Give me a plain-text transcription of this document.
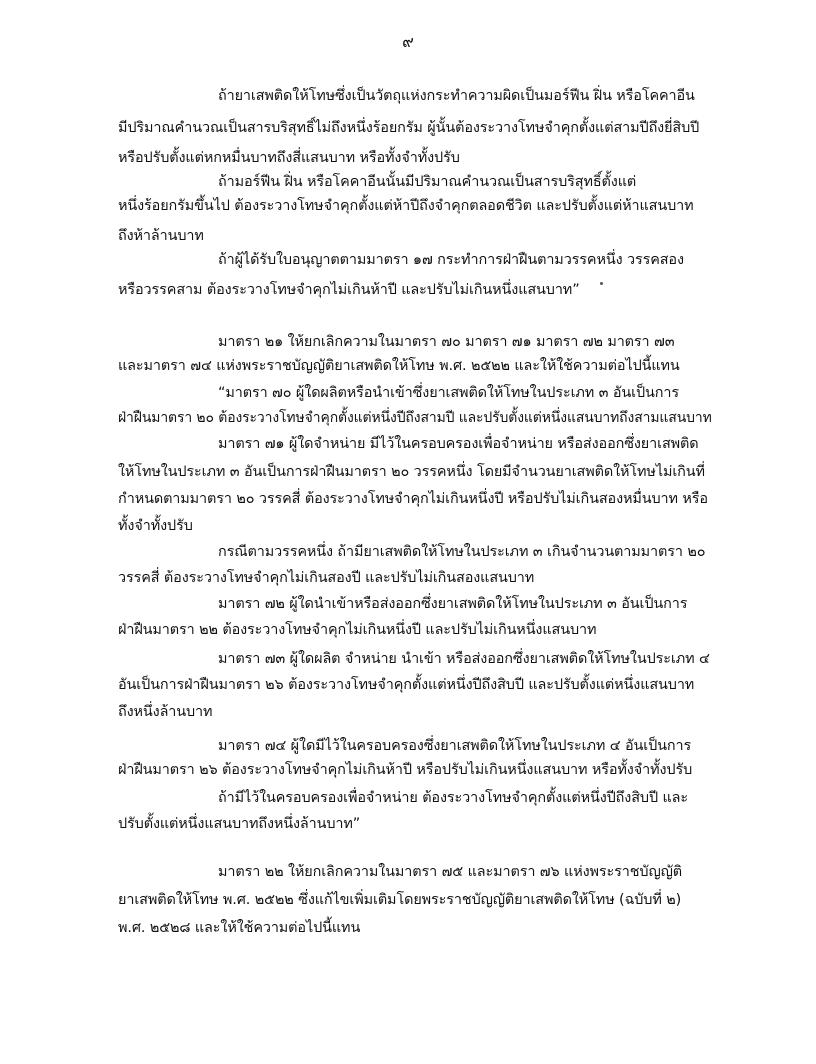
๙
ถ้ายาเสพติดให้โทษซึ่งเป็นวัตถุแห่งกระทำความผิดเป็นมอร์ฟีน ฝิ่น หรือโคคาอีน
มีปริมาณคำนวณเป็นสารบริสุทธิ์ไม่ถึงหนึ่งร้อยกรัม ผู้นั้นต้องระวางโทษจำคุกตั้งแต่สามปีถึงยี่สิบปี
หรือปรับตั้งแต่หกหมื่นบาทถึงสี่แสนบาท หรือทั้งจำทั้งปรับ
ถ้ามอร์ฟีน ฝิ่น หรือโคคาอีนนั้นมีปริมาณคำนวณเป็นสารบริสุทธิ์ตั้งแต่
หนึ่งร้อยกรัมขึ้นไป ต้องระวางโทษจำคุกตั้งแต่ห้าปีถึงจำคุกตลอดชีวิต และปรับตั้งแต่ห้าแสนบาท
ถึงห้าล้านบาท
ถ้าผู้ได้รับใบอนุญาตตามมาตรา ๑๗ กระทำการฝ่าฝืนตามวรรคหนึ่ง วรรคสอง
หรือวรรคสาม ต้องระวางโทษจำคุกไม่เกินห้าปี และปรับไม่เกินหนึ่งแสนบาท”
มาตรา ๒๑ ให้ยกเลิกความในมาตรา ๗๐ มาตรา ๗๑ มาตรา ๗๒ มาตรา ๗๓
และมาตรา ๗๔ แห่งพระราชบัญญัติยาเสพติดให้โทษ พ.ศ. ๒๕๒๒ และให้ใช้ความต่อไปนี้แทน
“มาตรา ๗๐ ผู้ใดผลิตหรือนำเข้าซึ่งยาเสพติดให้โทษในประเภท ๓ อันเป็นการ
ฝ่าฝืนมาตรา ๒๐ ต้องระวางโทษจำคุกตั้งแต่หนึ่งปีถึงสามปี และปรับตั้งแต่หนึ่งแสนบาทถึงสามแสนบาท
มาตรา ๗๑ ผู้ใดจำหน่าย มีไว้ในครอบครองเพื่อจำหน่าย หรือส่งออกซึ่งยาเสพติด
ให้โทษในประเภท ๓ อันเป็นการฝ่าฝืนมาตรา ๒๐ วรรคหนึ่ง โดยมีจำนวนยาเสพติดให้โทษไม่เกินที่
กำหนดตามมาตรา ๒๐ วรรคสี่ ต้องระวางโทษจำคุกไม่เกินหนึ่งปี หรือปรับไม่เกินสองหมื่นบาท หรือ
ทั้งจำทั้งปรับ
กรณีตามวรรคหนึ่ง ถ้ามียาเสพติดให้โทษในประเภท ๓ เกินจำนวนตามมาตรา ๒๐
วรรคสี่ ต้องระวางโทษจำคุกไม่เกินสองปี และปรับไม่เกินสองแสนบาท
มาตรา ๗๒ ผู้ใดนำเข้าหรือส่งออกซึ่งยาเสพติดให้โทษในประเภท ๓ อันเป็นการ
ฝ่าฝืนมาตรา ๒๒ ต้องระวางโทษจำคุกไม่เกินหนึ่งปี และปรับไม่เกินหนึ่งแสนบาท
มาตรา ๗๓ ผู้ใดผลิต จำหน่าย นำเข้า หรือส่งออกซึ่งยาเสพติดให้โทษในประเภท ๔
อันเป็นการฝ่าฝืนมาตรา ๒๖ ต้องระวางโทษจำคุกตั้งแต่หนึ่งปีถึงสิบปี และปรับตั้งแต่หนึ่งแสนบาท
ถึงหนึ่งล้านบาท
มาตรา ๗๔ ผู้ใดมีไว้ในครอบครองซึ่งยาเสพติดให้โทษในประเภท ๔ อันเป็นการ
ฝ่าฝืนมาตรา ๒๖ ต้องระวางโทษจำคุกไม่เกินห้าปี หรือปรับไม่เกินหนึ่งแสนบาท หรือทั้งจำทั้งปรับ
ถ้ามีไว้ในครอบครองเพื่อจำหน่าย ต้องระวางโทษจำคุกตั้งแต่หนึ่งปีถึงสิบปี และ
ปรับตั้งแต่หนึ่งแสนบาทถึงหนึ่งล้านบาท”
มาตรา ๒๒ ให้ยกเลิกความในมาตรา ๗๕ และมาตรา ๗๖ แห่งพระราชบัญญัติ
ยาเสพติดให้โทษ พ.ศ. ๒๕๒๒ ซึ่งแก้ไขเพิ่มเติมโดยพระราชบัญญัติยาเสพติดให้โทษ (ฉบับที่ ๒)
พ.ศ. ๒๕๒๘ และให้ใช้ความต่อไปนี้แทน
